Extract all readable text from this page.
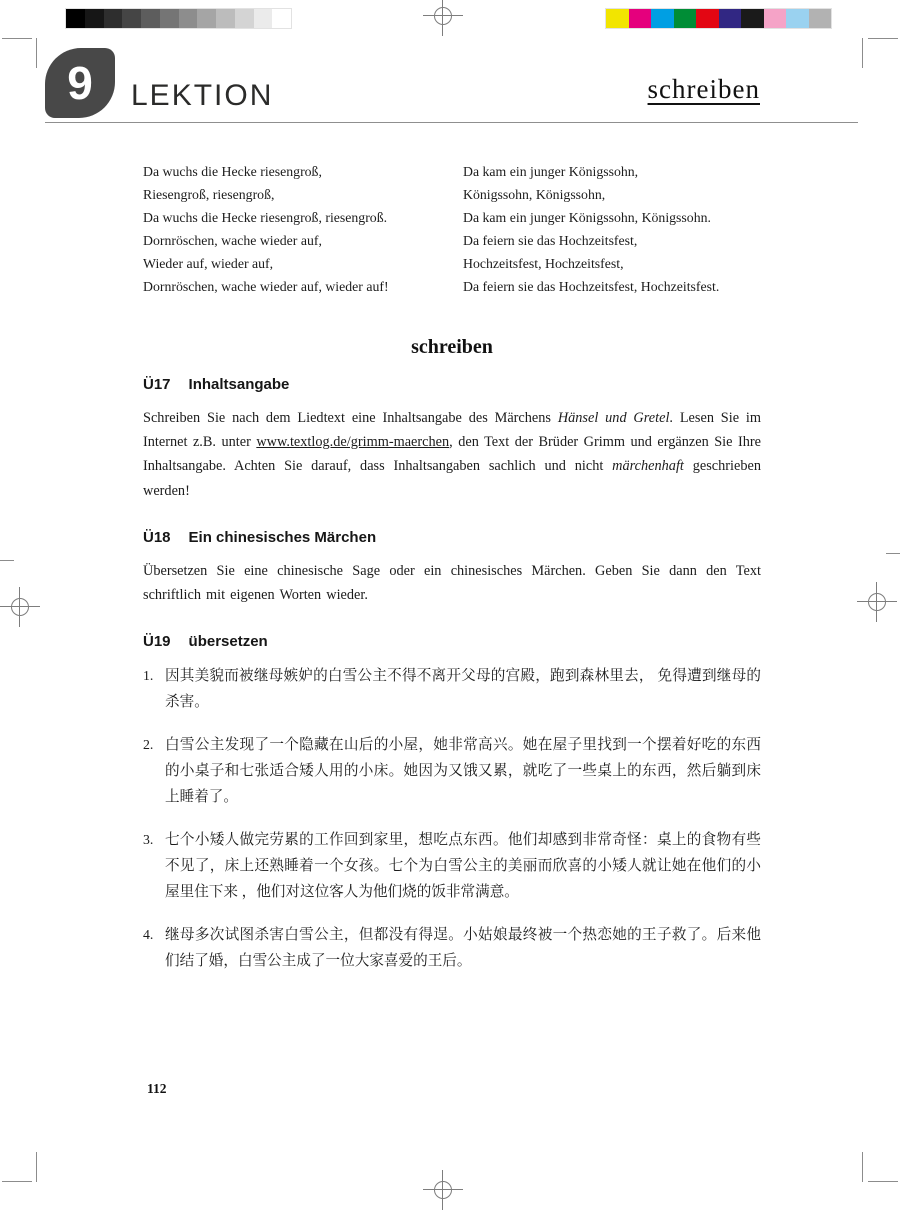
9 LEKTION	schreiben
Da wuchs die Hecke riesengroß,
Riesengroß, riesengroß,
Da wuchs die Hecke riesengroß, riesengroß.
Dornröschen, wache wieder auf,
Wieder auf, wieder auf,
Dornröschen, wache wieder auf, wieder auf!
Da kam ein junger Königssohn,
Königssohn, Königssohn,
Da kam ein junger Königssohn, Königssohn.
Da feiern sie das Hochzeitsfest,
Hochzeitsfest, Hochzeitsfest,
Da feiern sie das Hochzeitsfest, Hochzeitsfest.
schreiben
Ü17 Inhaltsangabe

Schreiben Sie nach dem Liedtext eine Inhaltsangabe des Märchens Hänsel und Gretel. Lesen Sie im Internet z.B. unter www.textlog.de/grimm-maerchen, den Text der Brüder Grimm und ergänzen Sie Ihre Inhaltsangabe. Achten Sie darauf, dass Inhaltsangaben sachlich und nicht märchenhaft geschrieben werden!

Ü18 Ein chinesisches Märchen

Übersetzen Sie eine chinesische Sage oder ein chinesisches Märchen. Geben Sie dann den Text schriftlich mit eigenen Worten wieder.

Ü19 übersetzen
1. 因其美貌而被继母嫉妒的白雪公主不得不离开父母的宫殿，跑到森林里去， 免得遭到继母的杀害。
2. 白雪公主发现了一个隐藏在山后的小屋，她非常高兴。她在屋子里找到一个摆着好吃的东西的小桌子和七张适合矮人用的小床。她因为又饿又累，就吃了一些桌上的东西，然后躺到床上睡着了。
3. 七个小矮人做完劳累的工作回到家里，想吃点东西。他们却感到非常奇怪：桌上的食物有些不见了，床上还熟睡着一个女孩。七个为白雪公主的美丽而欣喜的小矮人就让她在他们的小屋里住下来 ，他们对这位客人为他们烧的饭非常满意。
4. 继母多次试图杀害白雪公主，但都没有得逞。小姑娘最终被一个热恋她的王子救了。后来他们结了婚，白雪公主成了一位大家喜爱的王后。
112
